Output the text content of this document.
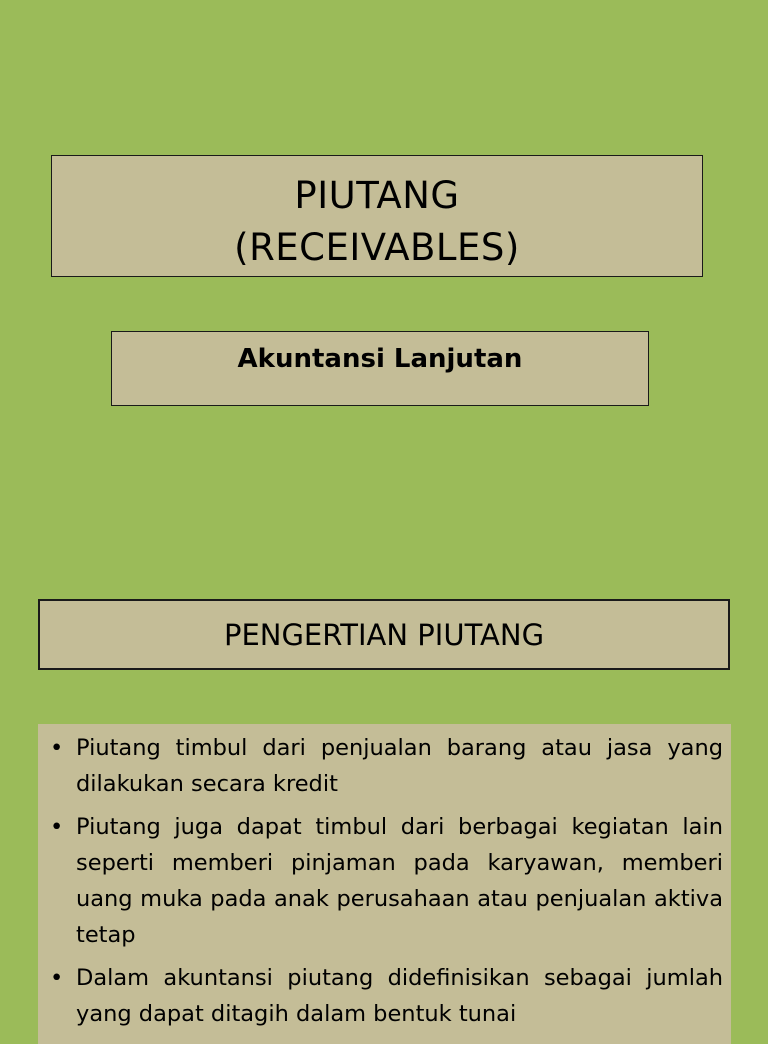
PIUTANG
(RECEIVABLES)
Akuntansi Lanjutan
PENGERTIAN PIUTANG
• Piutang timbul dari penjualan barang atau jasa yang dilakukan secara kredit
• Piutang juga dapat timbul dari berbagai kegiatan lain seperti memberi pinjaman pada karyawan, memberi uang muka pada anak perusahaan atau penjualan aktiva tetap
• Dalam akuntansi piutang didefinisikan sebagai jumlah yang dapat ditagih dalam bentuk tunai
